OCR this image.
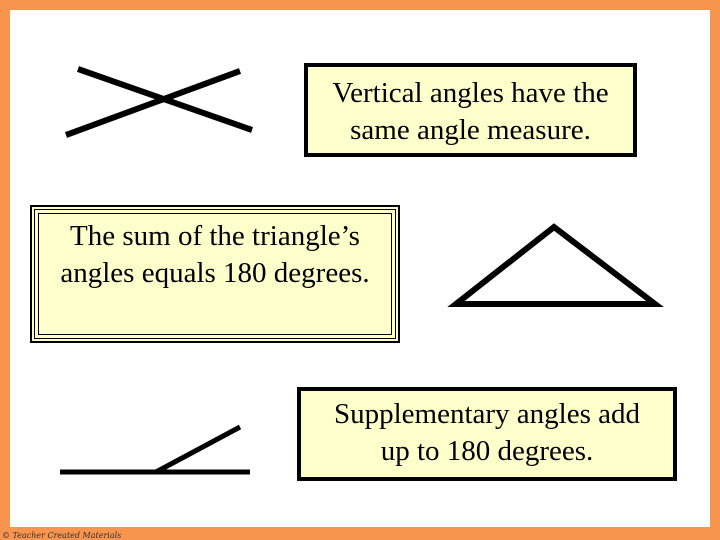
Vertical angles have the
same angle measure.
The sum of the triangle’s
angles equals 180 degrees.
Supplementary angles add
up to 180 degrees.
© Teacher Created Materials
